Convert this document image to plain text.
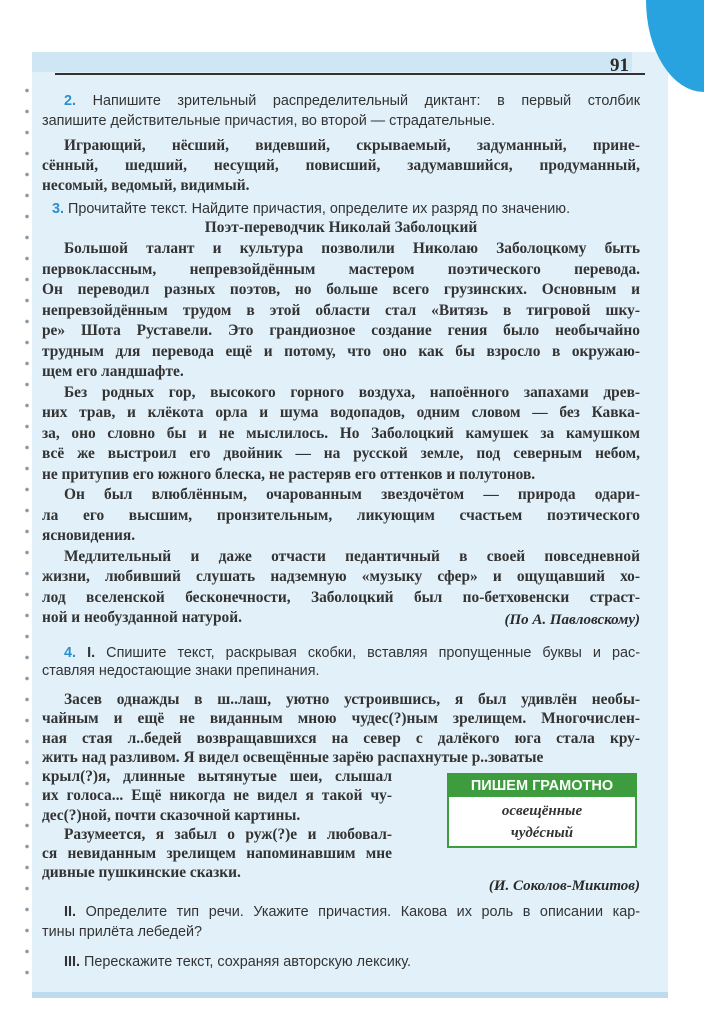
91
2. Напишите зрительный распределительный диктант: в первый столбик
запишите действительные причастия, во второй — страдательные.
Играющий, нёсший, видевший, скрываемый, задуманный, прине-
сённый, шедший, несущий, повисший, задумавшийся, продуманный,
несомый, ведомый, видимый.
3. Прочитайте текст. Найдите причастия, определите их разряд по значению.
Поэт-переводчик Николай Заболоцкий
Большой талант и культура позволили Николаю Заболоцкому быть
первоклассным, непревзойдённым мастером поэтического перевода.
Он переводил разных поэтов, но больше всего грузинских. Основным и
непревзойдённым трудом в этой области стал «Витязь в тигровой шку-
ре» Шота Руставели. Это грандиозное создание гения было необычайно
трудным для перевода ещё и потому, что оно как бы взросло в окружаю-
щем его ландшафте.
Без родных гор, высокого горного воздуха, напоённого запахами древ-
них трав, и клёкота орла и шума водопадов, одним словом — без Кавка-
за, оно словно бы и не мыслилось. Но Заболоцкий камушек за камушком
всё же выстроил его двойник — на русской земле, под северным небом,
не притупив его южного блеска, не растеряв его оттенков и полутонов.
Он был влюблённым, очарованным звездочётом — природа одари-
ла его высшим, пронзительным, ликующим счастьем поэтического
ясновидения.
Медлительный и даже отчасти педантичный в своей повседневной
жизни, любивший слушать надземную «музыку сфер» и ощущавший хо-
лод вселенской бесконечности, Заболоцкий был по-бетховенски страст-
ной и необузданной натурой.	(По А. Павловскому)
4. I. Спишите текст, раскрывая скобки, вставляя пропущенные буквы и рас-
ставляя недостающие знаки препинания.
Засев однажды в ш..лаш, уютно устроившись, я был удивлён необы-
чайным и ещё не виданным мною чудес(?)ным зрелищем. Многочислен-
ная стая л..бедей возвращавшихся на север с далёкого юга стала кру-
жить над разливом. Я видел освещённые зарёю распахнутые р..зоватые
крыл(?)я, длинные вытянутые шеи, слышал
их голоса... Ещё никогда не видел я такой чу-
дес(?)ной, почти сказочной картины.
Разумеется, я забыл о руж(?)е и любовал-
ся невиданным зрелищем напоминавшим мне
дивные пушкинские сказки.
ПИШЕМ ГРАМОТНО
освещённые
чудéсный
(И. Соколов-Микитов)
II. Определите тип речи. Укажите причастия. Какова их роль в описании кар-
тины прилёта лебедей?
III. Перескажите текст, сохраняя авторскую лексику.
